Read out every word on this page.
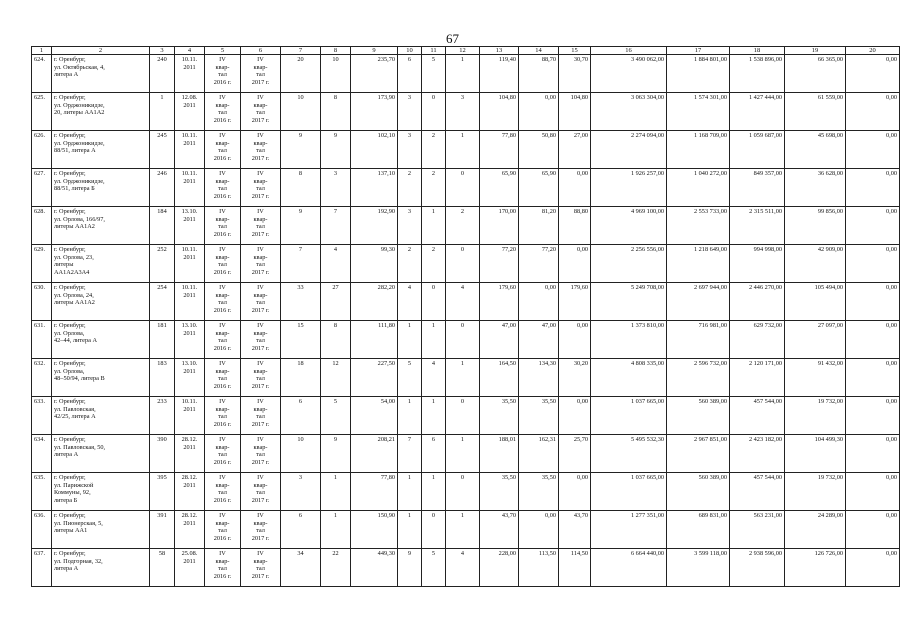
67
1	2	3	4	5	6	7	8	9	10	11	12	13	14	15	16	17	18	19	20
624.	г. Оренбург,
ул. Октябрьская, 4,
литера А	240	10.11.
2011	IV
квар-
тал
2016 г.	IV
квар-
тал
2017 г.	20	10	235,70	6	5	1	119,40	88,70	30,70	3 490 062,00	1 884 801,00	1 538 896,00	66 365,00	0,00
625.	г. Оренбург,
ул. Орджоникидзе,
20, литеры АА1А2	1	12.08.
2011	IV
квар-
тал
2016 г.	IV
квар-
тал
2017 г.	10	8	173,90	3	0	3	104,80	0,00	104,80	3 063 304,00	1 574 301,00	1 427 444,00	61 559,00	0,00
626.	г. Оренбург,
ул. Орджоникидзе,
88/51, литера А	245	10.11.
2011	IV
квар-
тал
2016 г.	IV
квар-
тал
2017 г.	9	9	102,10	3	2	1	77,80	50,80	27,00	2 274 094,00	1 168 709,00	1 059 687,00	45 698,00	0,00
627.	г. Оренбург,
ул. Орджоникидзе,
88/51, литера Б	246	10.11.
2011	IV
квар-
тал
2016 г.	IV
квар-
тал
2017 г.	8	3	137,10	2	2	0	65,90	65,90	0,00	1 926 257,00	1 040 272,00	849 357,00	36 628,00	0,00
628.	г. Оренбург,
ул. Орлова, 166/97,
литеры АА1А2	184	13.10.
2011	IV
квар-
тал
2016 г.	IV
квар-
тал
2017 г.	9	7	192,90	3	1	2	170,00	81,20	88,80	4 969 100,00	2 553 733,00	2 315 511,00	99 856,00	0,00
629.	г. Оренбург,
ул. Орлова, 23,
литеры
АА1А2А3А4	252	10.11.
2011	IV
квар-
тал
2016 г.	IV
квар-
тал
2017 г.	7	4	99,30	2	2	0	77,20	77,20	0,00	2 256 556,00	1 218 649,00	994 998,00	42 909,00	0,00
630.	г. Оренбург,
ул. Орлова, 24,
литеры АА1А2	254	10.11.
2011	IV
квар-
тал
2016 г.	IV
квар-
тал
2017 г.	33	27	282,20	4	0	4	179,60	0,00	179,60	5 249 708,00	2 697 944,00	2 446 270,00	105 494,00	0,00
631.	г. Оренбург,
ул. Орлова,
42–44, литера А	181	13.10.
2011	IV
квар-
тал
2016 г.	IV
квар-
тал
2017 г.	15	8	111,80	1	1	0	47,00	47,00	0,00	1 373 810,00	716 981,00	629 732,00	27 097,00	0,00
632.	г. Оренбург,
ул. Орлова,
48–50/94, литера В	183	13.10.
2011	IV
квар-
тал
2016 г.	IV
квар-
тал
2017 г.	18	12	227,50	5	4	1	164,50	134,30	30,20	4 808 335,00	2 596 732,00	2 120 171,00	91 432,00	0,00
633.	г. Оренбург,
ул. Павловская,
42/25, литера А	233	10.11.
2011	IV
квар-
тал
2016 г.	IV
квар-
тал
2017 г.	6	5	54,00	1	1	0	35,50	35,50	0,00	1 037 665,00	560 389,00	457 544,00	19 732,00	0,00
634.	г. Оренбург,
ул. Павловская, 50,
литера А	390	28.12.
2011	IV
квар-
тал
2016 г.	IV
квар-
тал
2017 г.	10	9	208,21	7	6	1	188,01	162,31	25,70	5 495 532,30	2 967 851,00	2 423 182,00	104 499,30	0,00
635.	г. Оренбург,
ул. Парижской
Коммуны, 92,
литера Б	395	28.12.
2011	IV
квар-
тал
2016 г.	IV
квар-
тал
2017 г.	3	1	77,80	1	1	0	35,50	35,50	0,00	1 037 665,00	560 389,00	457 544,00	19 732,00	0,00
636.	г. Оренбург,
ул. Пионерская, 5,
литеры АА1	391	28.12.
2011	IV
квар-
тал
2016 г.	IV
квар-
тал
2017 г.	6	1	150,90	1	0	1	43,70	0,00	43,70	1 277 351,00	689 831,00	563 231,00	24 289,00	0,00
637.	г. Оренбург,
ул. Подгорная, 32,
литера А	58	25.08.
2011	IV
квар-
тал
2016 г.	IV
квар-
тал
2017 г.	34	22	449,30	9	5	4	228,00	113,50	114,50	6 664 440,00	3 599 118,00	2 938 596,00	126 726,00	0,00
